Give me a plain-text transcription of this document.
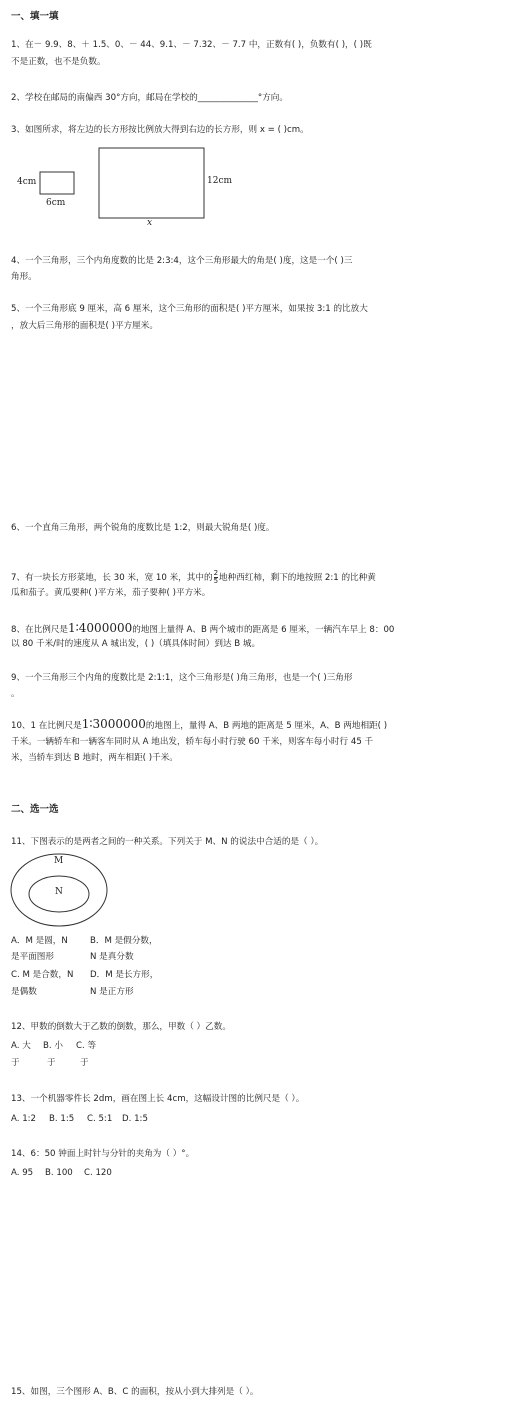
一、填一填
1、在－ 9.9、8、＋ 1.5、0、－ 44、9.1、－ 7.32、－ 7.7 中，正数有( )，负数有( )，( )既
不是正数，也不是负数。
2、学校在邮局的南偏西 30°方向，邮局在学校的______________°方向。
3、如图所求，将左边的长方形按比例放大得到右边的长方形，则 x = ( )cm。
4cm
6cm
12cm
x
4、一个三角形，三个内角度数的比是 2:3:4，这个三角形最大的角是( )度，这是一个( )三
角形。
5、一个三角形底 9 厘米，高 6 厘米，这个三角形的面积是( )平方厘米，如果按 3:1 的比放大
，放大后三角形的面积是( )平方厘米。
6、一个直角三角形，两个锐角的度数比是 1:2，则最大锐角是( )度。
7、有一块长方形菜地，长 30 米，宽 10 米，其中的 $\frac{2}{5}$ 地种西红柿，剩下的地按照 2:1 的比种黄
瓜和茄子。黄瓜要种( )平方米，茄子要种( )平方米。
8、在比例尺是1∶4000000的地图上量得 A、B 两个城市的距离是 6 厘米，一辆汽车早上 8：00
以 80 千米/时的速度从 A 城出发，( )（填具体时间）到达 B 城。
9、一个三角形三个内角的度数比是 2:1:1，这个三角形是( )角三角形，也是一个( )三角形
。
10、1 在比例尺是1∶3000000的地图上，量得 A、B 两地的距离是 5 厘米，A、B 两地相距( )
千米。一辆轿车和一辆客车同时从 A 地出发，轿车每小时行驶 60 千米，则客车每小时行 45 千
米，当轿车到达 B 地时，两车相距( )千米。
二、选一选
11、下图表示的是两者之间的一种关系。下列关于 M、N 的说法中合适的是（ ）。
M
N
A．M 是圆，N	B．M 是假分数，
是平面图形	N 是真分数
C. M 是合数，N D．M 是长方形，
是偶数	N 是正方形
12、甲数的倒数大于乙数的倒数，那么，甲数（ ）乙数。
A. 大 B. 小 C. 等
于	于	于
13、一个机器零件长 2dm，画在图上长 4cm，这幅设计图的比例尺是（ ）。
A. 1:2 B. 1:5 C. 5:1 D. 1:5
14、6：50 钟面上时针与分针的夹角为（ ）°。
A. 95 B. 100 C. 120
15、如图，三个图形 A、B、C 的面积，按从小到大排列是（ ）。
